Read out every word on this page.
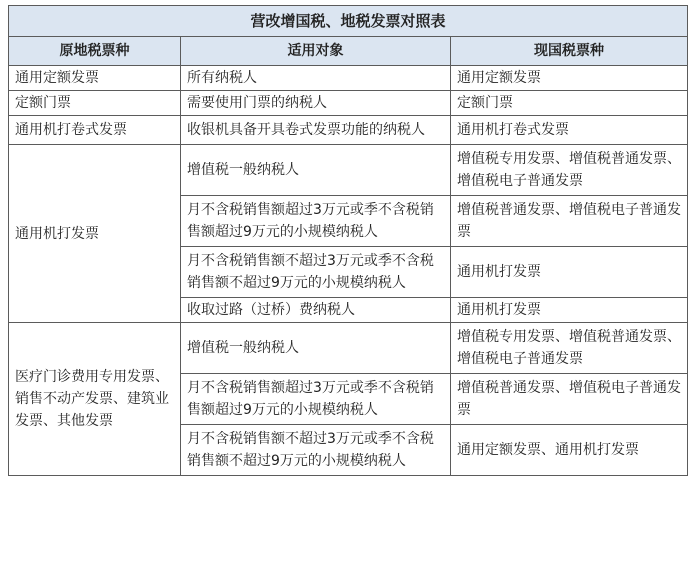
营改增国税、地税发票对照表		
原地税票种	适用对象	现国税票种
通用定额发票	所有纳税人	通用定额发票
定额门票	需要使用门票的纳税人	定额门票
通用机打卷式发票	收银机具备开具卷式发票功能的纳税人	通用机打卷式发票
通用机打发票	增值税一般纳税人	增值税专用发票、增值税普通发票、增值税电子普通发票
	月不含税销售额超过3万元或季不含税销售额超过9万元的小规模纳税人	增值税普通发票、增值税电子普通发票
	月不含税销售额不超过3万元或季不含税销售额不超过9万元的小规模纳税人	通用机打发票
	收取过路（过桥）费纳税人	通用机打发票
医疗门诊费用专用发票、销售不动产发票、建筑业发票、其他发票	增值税一般纳税人	增值税专用发票、增值税普通发票、增值税电子普通发票
	月不含税销售额超过3万元或季不含税销售额超过9万元的小规模纳税人	增值税普通发票、增值税电子普通发票
	月不含税销售额不超过3万元或季不含税销售额不超过9万元的小规模纳税人	通用定额发票、通用机打发票
